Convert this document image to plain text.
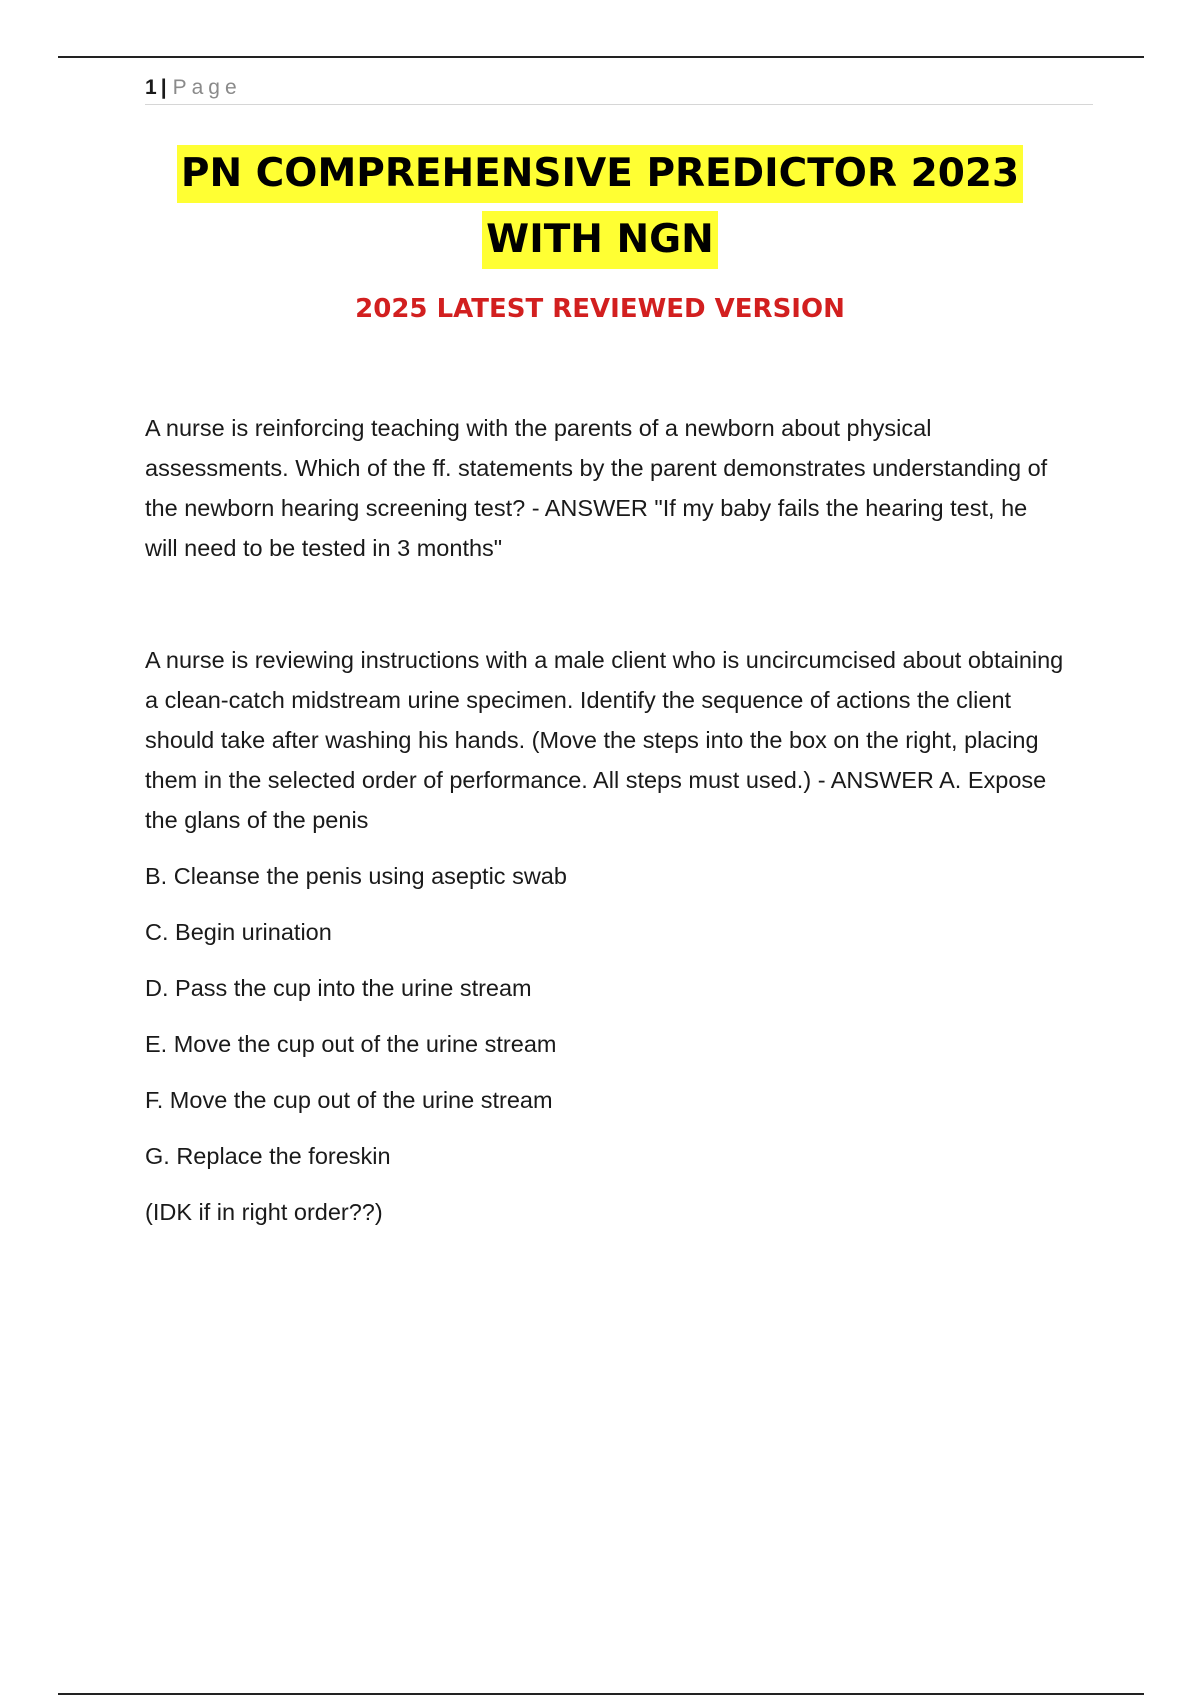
1 | Page
PN COMPREHENSIVE PREDICTOR 2023
WITH NGN
2025 LATEST REVIEWED VERSION

A nurse is reinforcing teaching with the parents of a newborn about physical assessments. Which of the ff. statements by the parent demonstrates understanding of the newborn hearing screening test? - ANSWER "If my baby fails the hearing test, he will need to be tested in 3 months"

A nurse is reviewing instructions with a male client who is uncircumcised about obtaining a clean-catch midstream urine specimen. Identify the sequence of actions the client should take after washing his hands. (Move the steps into the box on the right, placing them in the selected order of performance. All steps must used.) - ANSWER A. Expose the glans of the penis

B. Cleanse the penis using aseptic swab

C. Begin urination

D. Pass the cup into the urine stream

E. Move the cup out of the urine stream

F. Move the cup out of the urine stream

G. Replace the foreskin

(IDK if in right order??)
